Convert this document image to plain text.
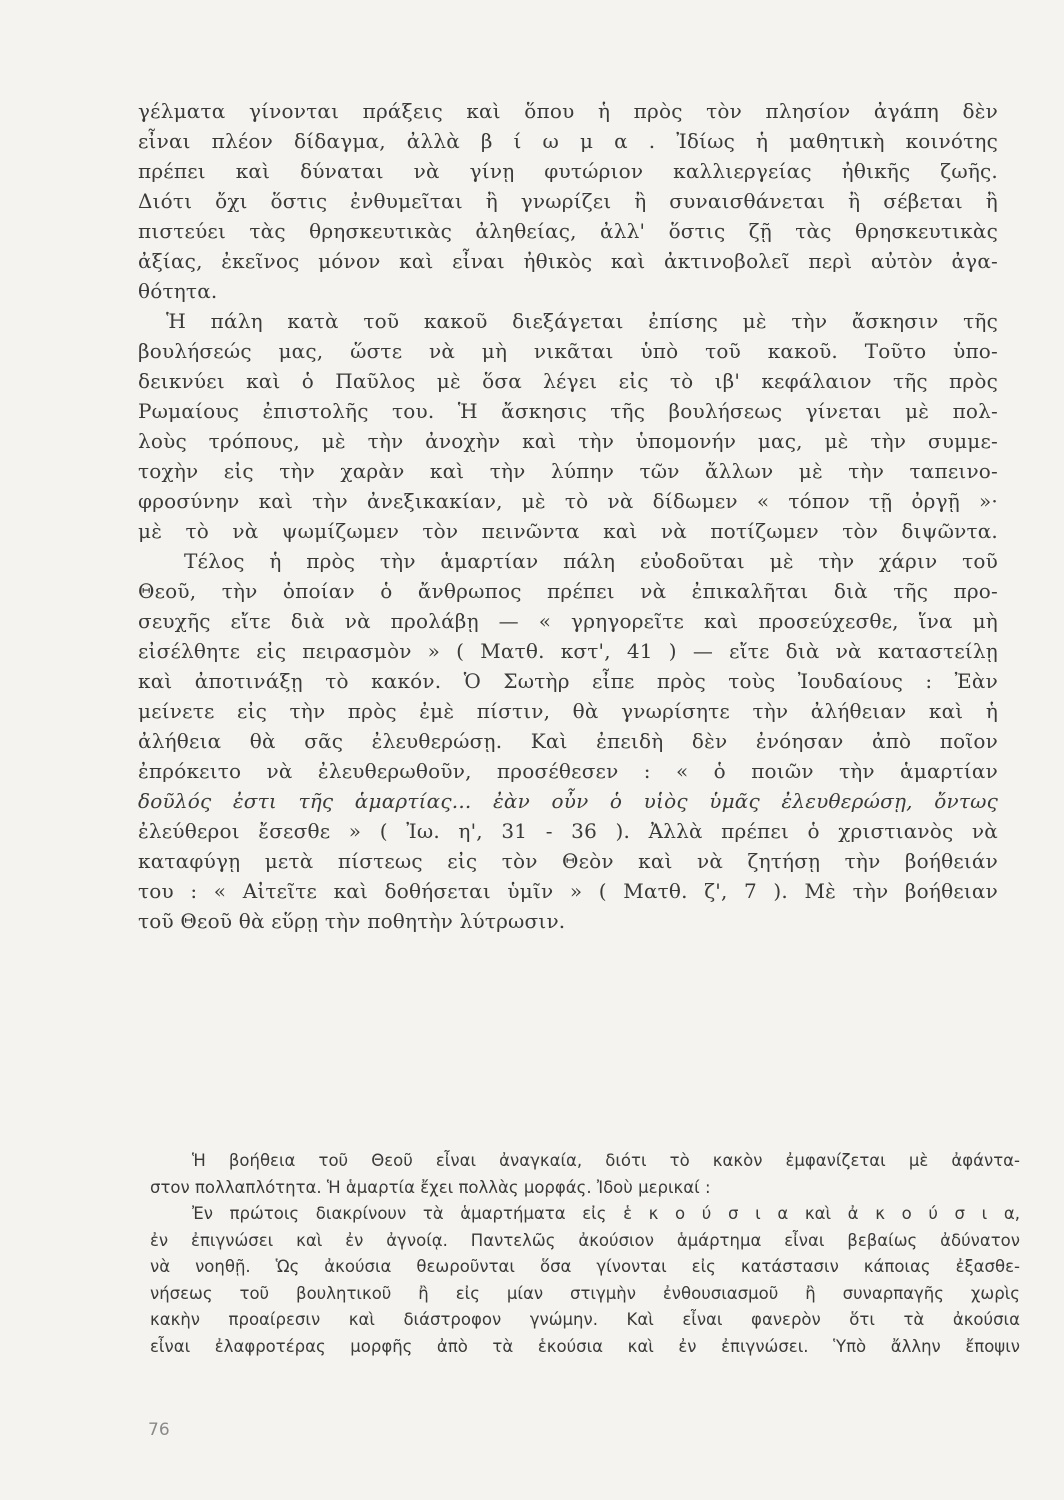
γέλματα γίνονται πράξεις καὶ ὅπου ἡ πρὸς τὸν πλησίον ἀγάπη δὲν
εἶναι πλέον δίδαγμα, ἀλλὰ β ί ω μ α . Ἰδίως ἡ μαθητικὴ κοινότης
πρέπει καὶ δύναται νὰ γίνῃ φυτώριον καλλιεργείας ἠθικῆς ζωῆς.
Διότι ὄχι ὅστις ἐνθυμεῖται ἢ γνωρίζει ἢ συναισθάνεται ἢ σέβεται ἢ
πιστεύει τὰς θρησκευτικὰς ἀληθείας, ἀλλ' ὅστις ζῇ τὰς θρησκευτικὰς
ἀξίας, ἐκεῖνος μόνον καὶ εἶναι ἠθικὸς καὶ ἀκτινοβολεῖ περὶ αὐτὸν ἀγα-
θότητα.
Ἡ πάλη κατὰ τοῦ κακοῦ διεξάγεται ἐπίσης μὲ τὴν ἄσκησιν τῆς
βουλήσεώς μας, ὥστε νὰ μὴ νικᾶται ὑπὸ τοῦ κακοῦ. Τοῦτο ὑπο-
δεικνύει καὶ ὁ Παῦλος μὲ ὅσα λέγει εἰς τὸ ιβ' κεφάλαιον τῆς πρὸς
Ρωμαίους ἐπιστολῆς του. Ἡ ἄσκησις τῆς βουλήσεως γίνεται μὲ πολ-
λοὺς τρόπους, μὲ τὴν ἀνοχὴν καὶ τὴν ὑπομονήν μας, μὲ τὴν συμμε-
τοχὴν εἰς τὴν χαρὰν καὶ τὴν λύπην τῶν ἄλλων μὲ τὴν ταπεινο-
φροσύνην καὶ τὴν ἀνεξικακίαν, μὲ τὸ νὰ δίδωμεν « τόπον τῇ ὀργῇ »·
μὲ τὸ νὰ ψωμίζωμεν τὸν πεινῶντα καὶ νὰ ποτίζωμεν τὸν διψῶντα.
Τέλος ἡ πρὸς τὴν ἁμαρτίαν πάλη εὐοδοῦται μὲ τὴν χάριν τοῦ
Θεοῦ, τὴν ὁποίαν ὁ ἄνθρωπος πρέπει νὰ ἐπικαλῆται διὰ τῆς προ-
σευχῆς εἴτε διὰ νὰ προλάβῃ — « γρηγορεῖτε καὶ προσεύχεσθε, ἵνα μὴ
εἰσέλθητε εἰς πειρασμὸν » ( Ματθ. κστ', 41 ) — εἴτε διὰ νὰ καταστείλῃ
καὶ ἀποτινάξῃ τὸ κακόν. Ὁ Σωτὴρ εἶπε πρὸς τοὺς Ἰουδαίους : Ἐὰν
μείνετε εἰς τὴν πρὸς ἐμὲ πίστιν, θὰ γνωρίσητε τὴν ἀλήθειαν καὶ ἡ
ἀλήθεια θὰ σᾶς ἐλευθερώσῃ. Καὶ ἐπειδὴ δὲν ἐνόησαν ἀπὸ ποῖον
ἐπρόκειτο νὰ ἐλευθερωθοῦν, προσέθεσεν : « ὁ ποιῶν τὴν ἁμαρτίαν
δοῦλός ἐστι τῆς ἁμαρτίας... ἐὰν οὖν ὁ υἱὸς ὑμᾶς ἐλευθερώσῃ, ὄντως
ἐλεύθεροι ἔσεσθε » ( Ἰω. η', 31 - 36 ). Ἀλλὰ πρέπει ὁ χριστιανὸς νὰ
καταφύγῃ μετὰ πίστεως εἰς τὸν Θεὸν καὶ νὰ ζητήσῃ τὴν βοήθειάν
του : « Αἰτεῖτε καὶ δοθήσεται ὑμῖν » ( Ματθ. ζ', 7 ). Μὲ τὴν βοήθειαν
τοῦ Θεοῦ θὰ εὕρῃ τὴν ποθητὴν λύτρωσιν.
Ἡ βοήθεια τοῦ Θεοῦ εἶναι ἀναγκαία, διότι τὸ κακὸν ἐμφανίζεται μὲ ἀφάντα-
στον πολλαπλότητα. Ἡ ἁμαρτία ἔχει πολλὰς μορφάς. Ἰδοὺ μερικαί :
Ἐν πρώτοις διακρίνουν τὰ ἁμαρτήματα εἰς ἑ κ ο ύ σ ι α καὶ ἀ κ ο ύ σ ι α,
ἐν ἐπιγνώσει καὶ ἐν ἀγνοίᾳ. Παντελῶς ἀκούσιον ἁμάρτημα εἶναι βεβαίως ἀδύνατον
νὰ νοηθῇ. Ὡς ἀκούσια θεωροῦνται ὅσα γίνονται εἰς κατάστασιν κάποιας ἐξασθε-
νήσεως τοῦ βουλητικοῦ ἢ εἰς μίαν στιγμὴν ἐνθουσιασμοῦ ἢ συναρπαγῆς χωρὶς
κακὴν προαίρεσιν καὶ διάστροφον γνώμην. Καὶ εἶναι φανερὸν ὅτι τὰ ἀκούσια
εἶναι ἐλαφροτέρας μορφῆς ἀπὸ τὰ ἑκούσια καὶ ἐν ἐπιγνώσει. Ὑπὸ ἄλλην ἔποψιν
76
